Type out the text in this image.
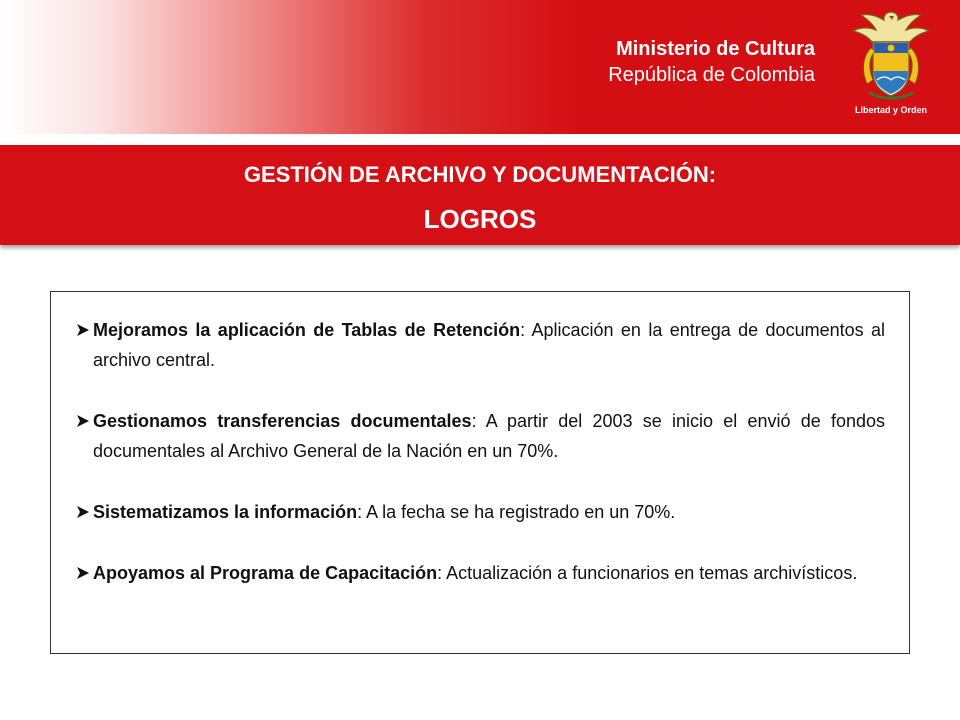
Ministerio de Cultura
República de Colombia
Libertad y Orden
GESTIÓN DE ARCHIVO Y DOCUMENTACIÓN:
LOGROS
Mejoramos la aplicación de Tablas de Retención: Aplicación en la entrega de documentos al archivo central.
Gestionamos transferencias documentales: A partir del 2003 se inicio el envió de fondos documentales al Archivo General de la Nación en un 70%.
Sistematizamos la información: A la fecha se ha registrado en un 70%.
Apoyamos al Programa de Capacitación: Actualización a funcionarios en temas archivísticos.
